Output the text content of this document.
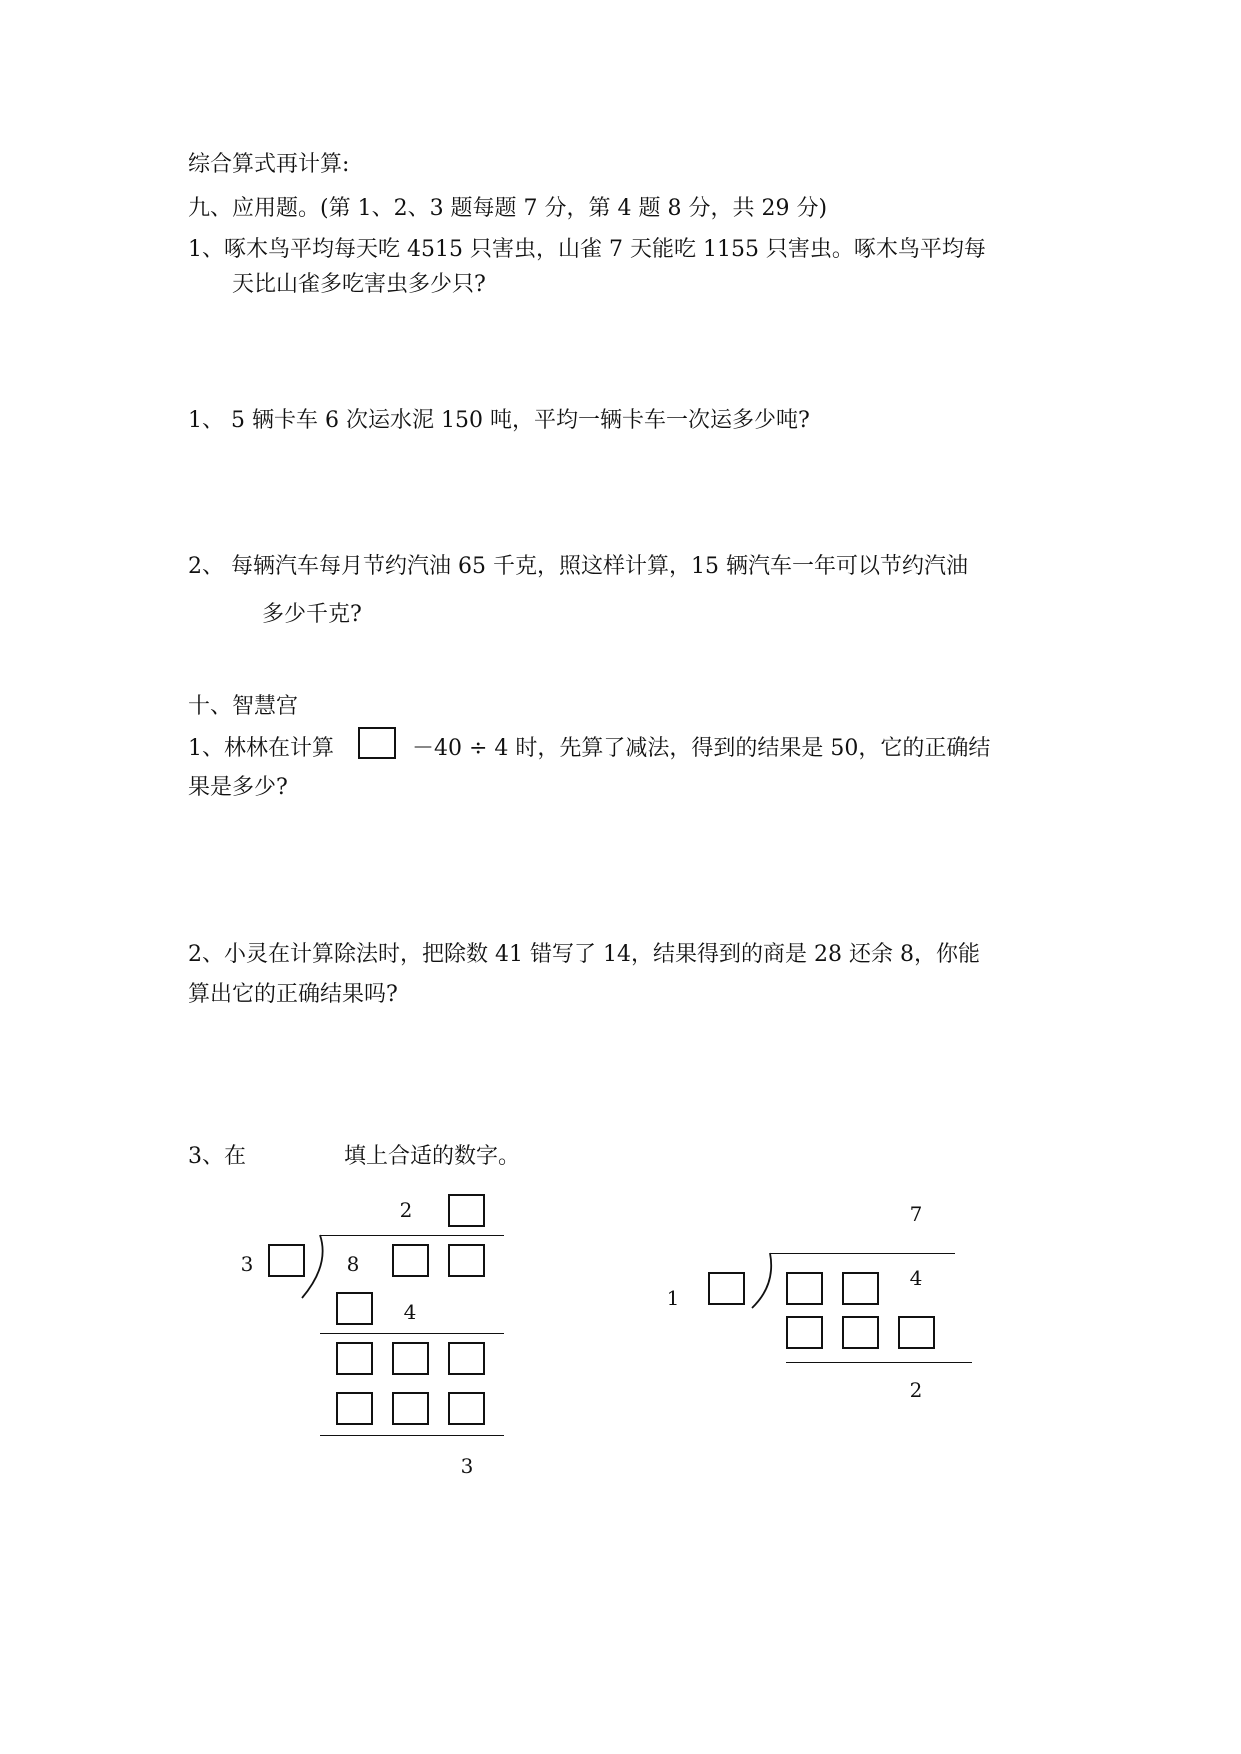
综合算式再计算:
九、应用题。(第 1、2、3 题每题 7 分，第 4 题 8 分，共 29 分)
1、啄木鸟平均每天吃 4515 只害虫，山雀 7 天能吃 1155 只害虫。啄木鸟平均每
天比山雀多吃害虫多少只?
1、 5 辆卡车 6 次运水泥 150 吨，平均一辆卡车一次运多少吨?
2、 每辆汽车每月节约汽油 65 千克，照这样计算，15 辆汽车一年可以节约汽油
多少千克?
十、智慧宫
1、林林在计算	－40 ÷ 4 时，先算了减法，得到的结果是 50，它的正确结
果是多少?
2、小灵在计算除法时，把除数 41 错写了 14，结果得到的商是 28 还余 8，你能
算出它的正确结果吗?
3、在	填上合适的数字。
2
3	8
4
3
7
1
4
2
